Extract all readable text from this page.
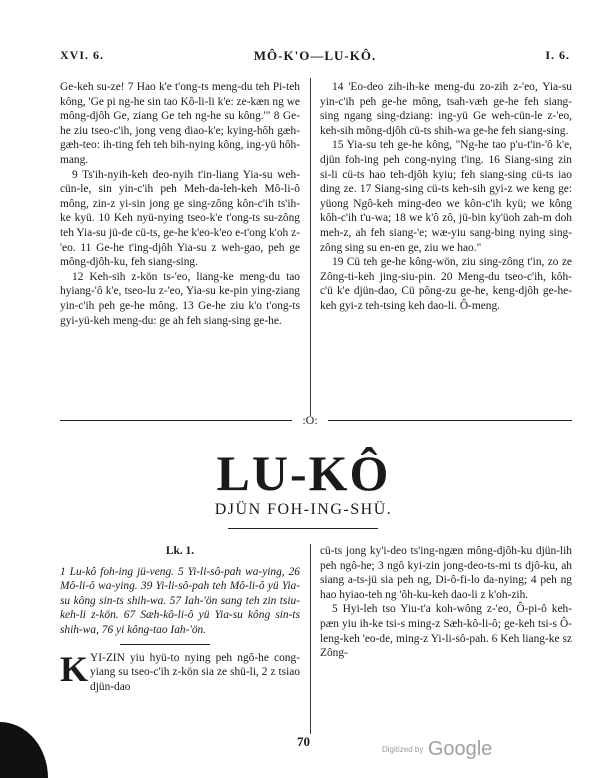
XVI. 6.	MÔ-K'O—LU-KÔ.	I. 6.

Ge-keh su-ze! 7 Hao k'e t'ong-ts meng-du teh Pi-teh kông, 'Ge pi ng-he sin tao Kô-li-li k'e: ze-kæn ng we mông-djôh Ge, ziang Ge teh ng-he su kông.'" 8 Ge-he ziu tseo-c'ih, jong veng diao-k'e; kying-hôh gæh-gæh-teo: ih-ting feh teh bih-nying kông, ing-yü hôh-mang.

9 Ts'ih-nyih-keh deo-nyih t'in-liang Yia-su weh-cün-le, sin yin-c'ih peh Meh-da-leh-keh Mô-li-ô mông, zin-z yi-sin jong ge sing-zông kôn-c'ih ts'ih-ke kyü. 10 Keh nyü-nying tseo-k'e t'ong-ts su-zông teh Yia-su jü-de cü-ts, ge-he k'eo-k'eo e-t'ong k'oh z-'eo. 11 Ge-he t'ing-djôh Yia-su z weh-gao, peh ge mông-djôh-ku, feh siang-sing.

12 Keh-sih z-kön ts-'eo, liang-ke meng-du tao hyiang-'ô k'e, tseo-lu z-'eo, Yia-su ke-pin ying-ziang yin-c'ih peh ge-he mông. 13 Ge-he ziu k'o t'ong-ts gyi-yü-keh meng-du: ge ah feh siang-sing ge-he.

14 'Eo-deo zih-ih-ke meng-du zo-zih z-'eo, Yia-su yin-c'ih peh ge-he mông, tsah-væh ge-he feh siang-sing ngang sing-dziang: ing-yü Ge weh-cün-le z-'eo, keh-sih mông-djôh cü-ts shih-wa ge-he feh siang-sing.

15 Yia-su teh ge-he kông, "Ng-he tao p'u-t'in-'ô k'e, djün foh-ing peh cong-nying t'ing. 16 Siang-sing zin si-li cü-ts hao teh-djôh kyiu; feh siang-sing cü-ts iao ding ze. 17 Siang-sing cü-ts keh-sih gyi-z we keng ge: yüong Ngô-keh ming-deo we kôn-c'ih kyü; we kông kôh-c'ih t'u-wa; 18 we k'ô zô, jü-bin ky'üoh zah-m doh meh-z, ah feh siang-'e; wæ-yiu sang-bing nying sing-zông sing su en-en ge, ziu we hao."

19 Cü teh ge-he kông-wön, ziu sing-zông t'in, zo ze Zông-ti-keh jing-siu-pin. 20 Meng-du tseo-c'ih, kôh-c'ü k'e djün-dao, Cü pông-zu ge-he, keng-djôh ge-he-keh gyi-z teh-tsing keh dao-li. Ô-meng.

:O:
LU-KÔ
DJÜN FOH-ING-SHÜ.
Lk. 1.

1 Lu-kô foh-ing jü-veng. 5 Yi-li-sô-pah wa-ying, 26 Mô-li-ô wa-ying. 39 Yi-li-sô-pah teh Mô-li-ô yü Yia-su kông sin-ts shih-wa. 57 Iah-'ön sang teh zin tsiu-keh-li z-kön. 67 Sæh-kô-li-ô yü Yia-su kông sin-ts shih-wa, 76 yi kông-tao Iah-'ön.

KYI-ZIN yiu hyü-to nying peh ngô-he cong-yiang su tseo-c'ih z-kön sia ze shü-li, 2 z tsiao djün-dao

cü-ts jong ky'i-deo ts'ing-ngæn mông-djôh-ku djün-lih peh ngô-he; 3 ngô kyi-zin jong-deo-ts-mi ts djô-ku, ah siang a-ts-jü sia peh ng, Di-ô-fi-lo da-nying; 4 peh ng hao hyiao-teh ng 'ôh-ku-keh dao-li z k'oh-zih.

5 Hyi-leh tso Yiu-t'a koh-wông z-'eo, Ô-pi-ô keh-pæn yiu ih-ke tsi-s ming-z Sæh-kô-li-ô; ge-keh tsi-s Ô-leng-keh 'eo-de, ming-z Yi-li-sô-pah. 6 Keh liang-ke sz Zông-

70
Digitized by Google
